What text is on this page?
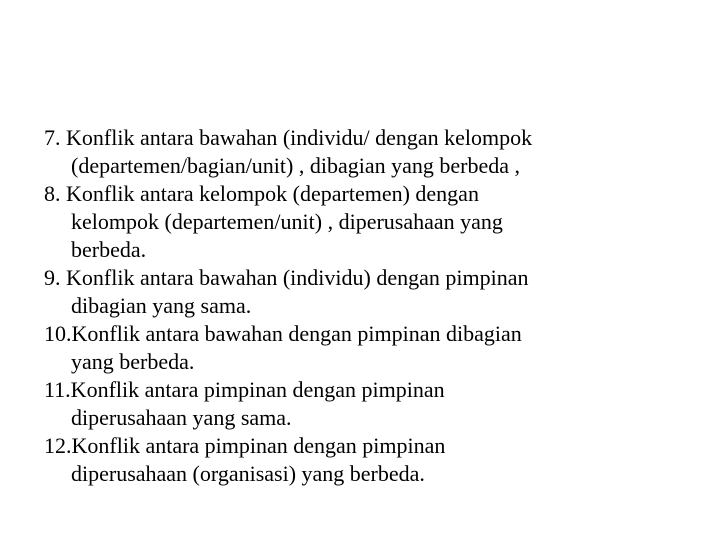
7. Konflik antara bawahan (individu/ dengan kelompok
(departemen/bagian/unit) , dibagian yang berbeda ,
8. Konflik antara kelompok (departemen) dengan
kelompok (departemen/unit) , diperusahaan yang
berbeda.
9. Konflik antara bawahan (individu) dengan pimpinan
dibagian yang sama.
10.Konflik antara bawahan dengan pimpinan dibagian
yang berbeda.
11.Konflik antara pimpinan dengan pimpinan
diperusahaan yang sama.
12.Konflik antara pimpinan dengan pimpinan
diperusahaan (organisasi) yang berbeda.
